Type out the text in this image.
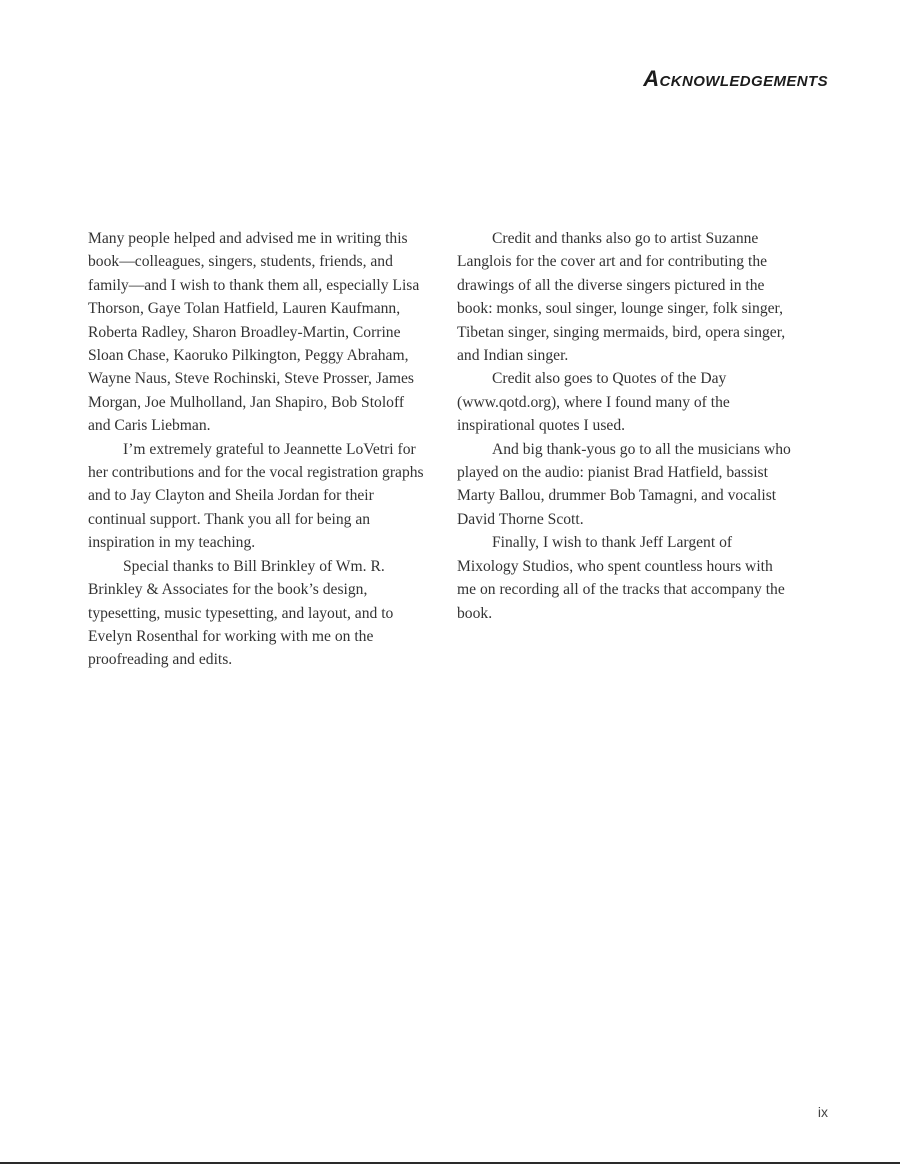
Acknowledgements

Many people helped and advised me in writing this book—colleagues, singers, students, friends, and family—and I wish to thank them all, especially Lisa Thorson, Gaye Tolan Hatfield, Lauren Kaufmann, Roberta Radley, Sharon Broadley-Martin, Corrine Sloan Chase, Kaoruko Pilkington, Peggy Abraham, Wayne Naus, Steve Rochinski, Steve Prosser, James Morgan, Joe Mulholland, Jan Shapiro, Bob Stoloff and Caris Liebman.

I’m extremely grateful to Jeannette LoVetri for her contributions and for the vocal registration graphs and to Jay Clayton and Sheila Jordan for their continual support. Thank you all for being an inspiration in my teaching.

Special thanks to Bill Brinkley of Wm. R. Brinkley & Associates for the book’s design, typesetting, music typesetting, and layout, and to Evelyn Rosenthal for working with me on the proofreading and edits.

Credit and thanks also go to artist Suzanne Langlois for the cover art and for contributing the drawings of all the diverse singers pictured in the book: monks, soul singer, lounge singer, folk singer, Tibetan singer, singing mermaids, bird, opera singer, and Indian singer.

Credit also goes to Quotes of the Day (www.qotd.org), where I found many of the inspirational quotes I used.

And big thank-yous go to all the musicians who played on the audio: pianist Brad Hatfield, bassist Marty Ballou, drummer Bob Tamagni, and vocalist David Thorne Scott.

Finally, I wish to thank Jeff Largent of Mixology Studios, who spent countless hours with me on recording all of the tracks that accompany the book.

ix
